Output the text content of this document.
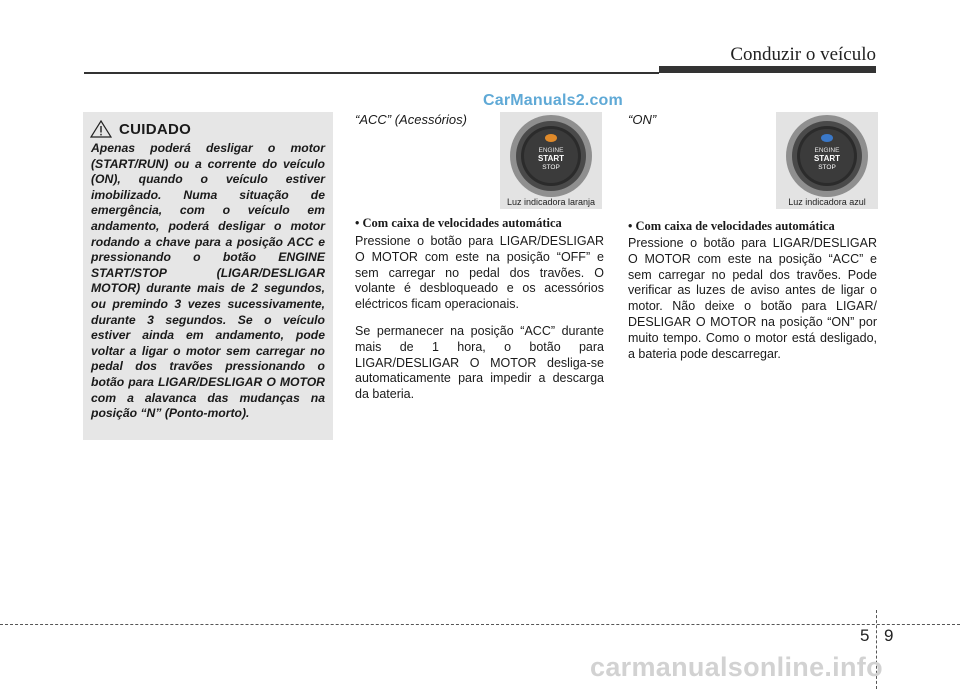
Conduzir o veículo
CarManuals2.com
CUIDADO
Apenas poderá desligar o motor (START/RUN) ou a corrente do veículo (ON), quando o veículo estiver imobilizado. Numa situação de emergência, com o veículo em andamento, poderá desligar o motor rodando a chave para a posição ACC e pressionando o botão ENGINE START/STOP (LIGAR/DESLIGAR MOTOR) durante mais de 2 segundos, ou premindo 3 vezes sucessivamente, durante 3 segundos. Se o veículo estiver ainda em andamento, pode voltar a ligar o motor sem carregar no pedal dos travões pressionando o botão para LIGAR/DESLIGAR O MOTOR com a alavanca das mudanças na posição “N” (Ponto-morto).
“ACC” (Acessórios)
ENGINE
START
STOP
Luz indicadora laranja
• Com caixa de velocidades automática
Pressione o botão para LIGAR/DESLIGAR O MOTOR com este na posição “OFF” e sem carregar no pedal dos travões. O volante é desbloqueado e os acessórios eléctricos ficam operacionais.
Se permanecer na posição “ACC” durante mais de 1 hora, o botão para LIGAR/DESLIGAR O MOTOR desliga-se automaticamente para impedir a descarga da bateria.
“ON”
ENGINE
START
STOP
Luz indicadora azul
• Com caixa de velocidades automática
Pressione o botão para LIGAR/DESLIGAR O MOTOR com este na posição “ACC” e sem carregar no pedal dos travões. Pode verificar as luzes de aviso antes de ligar o motor. Não deixe o botão para LIGAR/ DESLIGAR O MOTOR na posição “ON” por muito tempo. Como o motor está desligado, a bateria pode descarregar.
5 9
carmanualsonline.info
